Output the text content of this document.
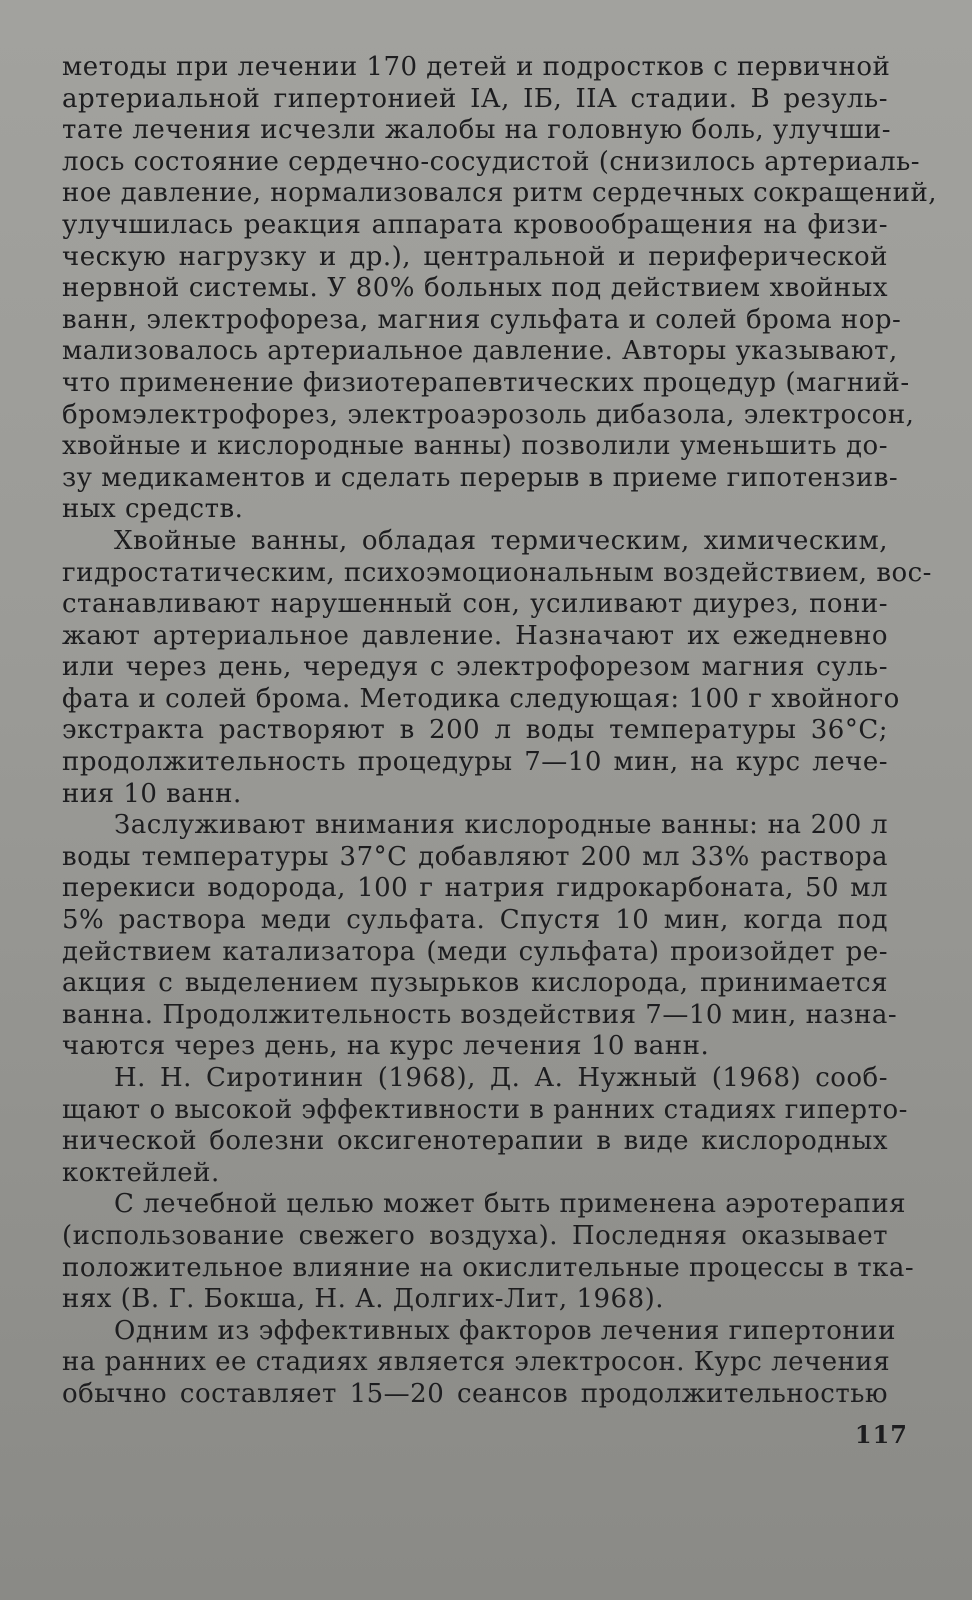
методы при лечении 170 детей и подростков с первичной
артериальной гипертонией IА, IБ, IIА стадии. В резуль-
тате лечения исчезли жалобы на головную боль, улучши-
лось состояние сердечно-сосудистой (снизилось артериаль-
ное давление, нормализовался ритм сердечных сокращений,
улучшилась реакция аппарата кровообращения на физи-
ческую нагрузку и др.), центральной и периферической
нервной системы. У 80% больных под действием хвойных
ванн, электрофореза, магния сульфата и солей брома нор-
мализовалось артериальное давление. Авторы указывают,
что применение физиотерапевтических процедур (магний-
бромэлектрофорез, электроаэрозоль дибазола, электросон,
хвойные и кислородные ванны) позволили уменьшить до-
зу медикаментов и сделать перерыв в приеме гипотензив-
ных средств.
Хвойные ванны, обладая термическим, химическим,
гидростатическим, психоэмоциональным воздействием, вос-
станавливают нарушенный сон, усиливают диурез, пони-
жают артериальное давление. Назначают их ежедневно
или через день, чередуя с электрофорезом магния суль-
фата и солей брома. Методика следующая: 100 г хвойного
экстракта растворяют в 200 л воды температуры 36°С;
продолжительность процедуры 7—10 мин, на курс лече-
ния 10 ванн.
Заслуживают внимания кислородные ванны: на 200 л
воды температуры 37°С добавляют 200 мл 33% раствора
перекиси водорода, 100 г натрия гидрокарбоната, 50 мл
5% раствора меди сульфата. Спустя 10 мин, когда под
действием катализатора (меди сульфата) произойдет ре-
акция с выделением пузырьков кислорода, принимается
ванна. Продолжительность воздействия 7—10 мин, назна-
чаются через день, на курс лечения 10 ванн.
Н. Н. Сиротинин (1968), Д. А. Нужный (1968) сооб-
щают о высокой эффективности в ранних стадиях гиперто-
нической болезни оксигенотерапии в виде кислородных
коктейлей.
С лечебной целью может быть применена аэротерапия
(использование свежего воздуха). Последняя оказывает
положительное влияние на окислительные процессы в тка-
нях (В. Г. Бокша, Н. А. Долгих-Лит, 1968).
Одним из эффективных факторов лечения гипертонии
на ранних ее стадиях является электросон. Курс лечения
обычно составляет 15—20 сеансов продолжительностью
117
